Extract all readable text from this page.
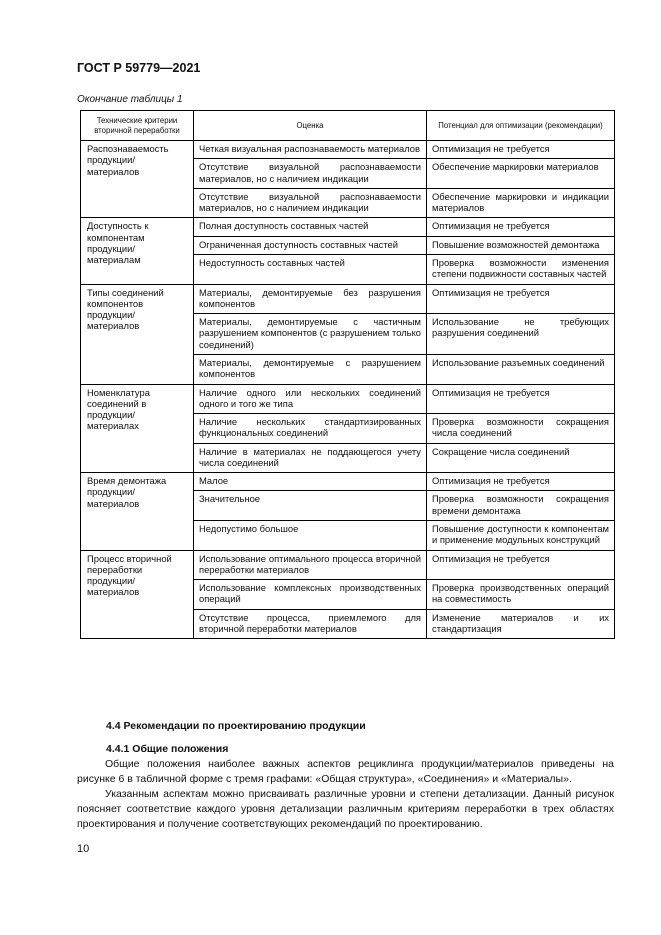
ГОСТ Р 59779—2021
Окончание таблицы 1
Технические критерии вторичной переработки	Оценка	Потенциал для оптимизации (рекомендации)
Распознаваемость продукции/ материалов	Четкая визуальная распознаваемость материалов	Оптимизация не требуется
	Отсутствие визуальной распознаваемости материалов, но с наличием индикации	Обеспечение маркировки материалов
	Отсутствие визуальной распознаваемости материалов, но с наличием индикации	Обеспечение маркировки и индикации материалов
Доступность к компонентам продукции/ материалам	Полная доступность составных частей	Оптимизация не требуется
	Ограниченная доступность составных частей	Повышение возможностей демонтажа
	Недоступность составных частей	Проверка возможности изменения степени подвижности составных частей
Типы соединений компонентов продукции/ материалов	Материалы, демонтируемые без разрушения компонентов	Оптимизация не требуется
	Материалы, демонтируемые с частичным разрушением компонентов (с разрушением только соединений)	Использование не требующих разрушения соединений
	Материалы, демонтируемые с разрушением компонентов	Использование разъемных соединений
Номенклатура соединений в продукции/ материалах	Наличие одного или нескольких соединений одного и того же типа	Оптимизация не требуется
	Наличие нескольких стандартизированных функциональных соединений	Проверка возможности сокращения числа соединений
	Наличие в материалах не поддающегося учету числа соединений	Сокращение числа соединений
Время демонтажа продукции/ материалов	Малое	Оптимизация не требуется
	Значительное	Проверка возможности сокращения времени демонтажа
	Недопустимо большое	Повышение доступности к компонентам и применение модульных конструкций
Процесс вторичной переработки продукции/ материалов	Использование оптимального процесса вторичной переработки материалов	Оптимизация не требуется
	Использование комплексных производственных операций	Проверка производственных операций на совместимость
	Отсутствие процесса, приемлемого для вторичной переработки материалов	Изменение материалов и их стандартизация
4.4 Рекомендации по проектированию продукции
4.4.1 Общие положения

Общие положения наиболее важных аспектов рециклинга продукции/материалов приведены на рисунке 6 в табличной форме с тремя графами: «Общая структура», «Соединения» и «Материалы».

Указанным аспектам можно присваивать различные уровни и степени детализации. Данный рисунок поясняет соответствие каждого уровня детализации различным критериям переработки в трех областях проектирования и получение соответствующих рекомендаций по проектированию.

10
